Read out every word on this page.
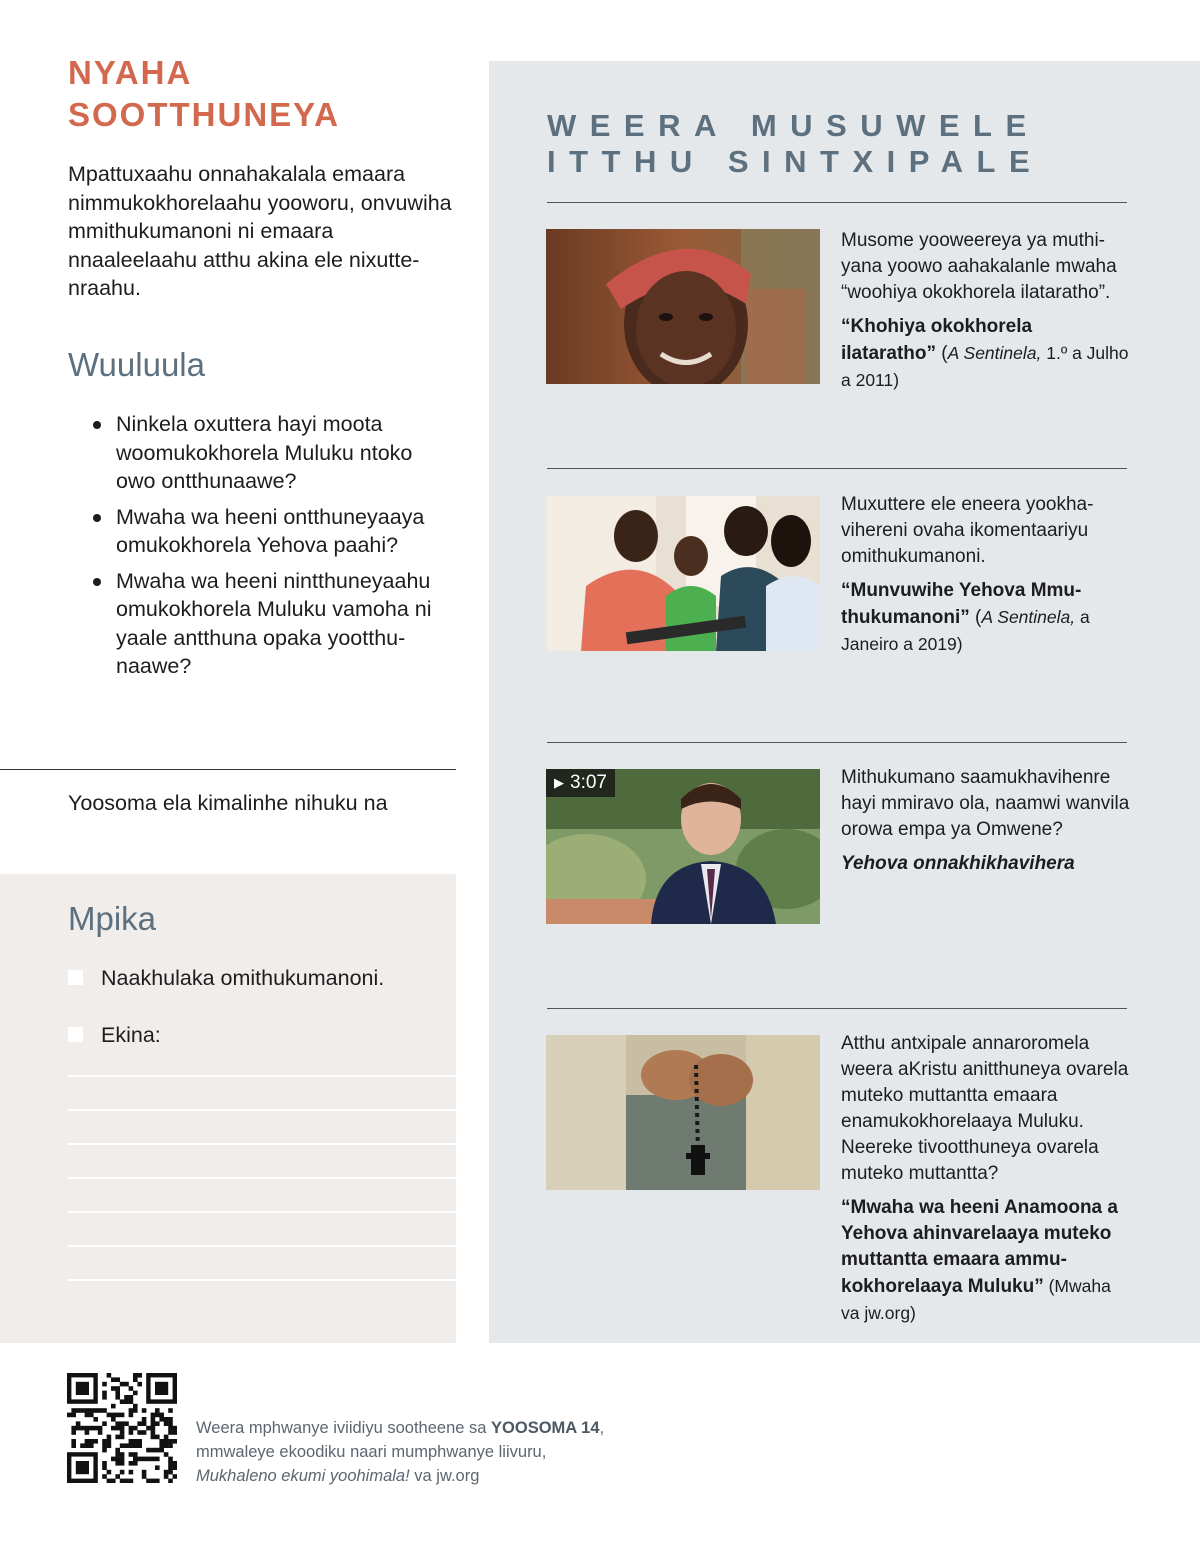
NYAHA
SOOTTHUNEYA

Mpattuxaahu onnahakalala emaara nimmukokhorelaahu yooworu, onvuwiha mmithukumanoni ni emaara nnaaleelaahu atthu akina ele nixuttenraahu.

Wuuluula
Ninkela oxuttera hayi moota woomukokhorela Muluku ntoko owo ontthunaawe?
Mwaha wa heeni ontthuneyaaya omukokhorela Yehova paahi?
Mwaha wa heeni nintthuneyaahu omukokhorela Muluku vamoha ni yaale antthuna opaka yootthunaawe?
Yoosoma ela kimalinhe nihuku na
Mpika
Naakhulaka omithukumanoni.
Ekina:
WEERA MUSUWELE
ITTHU SINTXIPALE

Musome yooweereya ya muthiyana yoowo aahakalanle mwaha “woohiya okokhorela ilataratho”.

“Khohiya okokhorela ilataratho” (A Sentinela, 1.º a Julho a 2011)

Muxuttere ele eneera yookhavihereni ovaha ikomentaariyu omithukumanoni.

“Munvuwihe Yehova Mmuthukumanoni” (A Sentinela, a Janeiro a 2019)

▶ 3:07	Mithukumano saamukhavihenre hayi mmiravo ola, naamwi wanvila orowa empa ya Omwene?

Yehova onnakhikhavihera

Atthu antxipale annaroromela weera aKristu anitthuneya ovarela muteko muttantta emaara enamukokhorelaaya Muluku. Neereke tivootthuneya ovarela muteko muttantta?

“Mwaha wa heeni Anamoona a Yehova ahinvarelaaya muteko muttantta emaara ammukokhorelaaya Muluku” (Mwaha va jw.org)

Weera mphwanye iviidiyu sootheene sa YOOSOMA 14,
mmwaleye ekoodiku naari mumphwanye liivuru,
Mukhaleno ekumi yoohimala! va jw.org
